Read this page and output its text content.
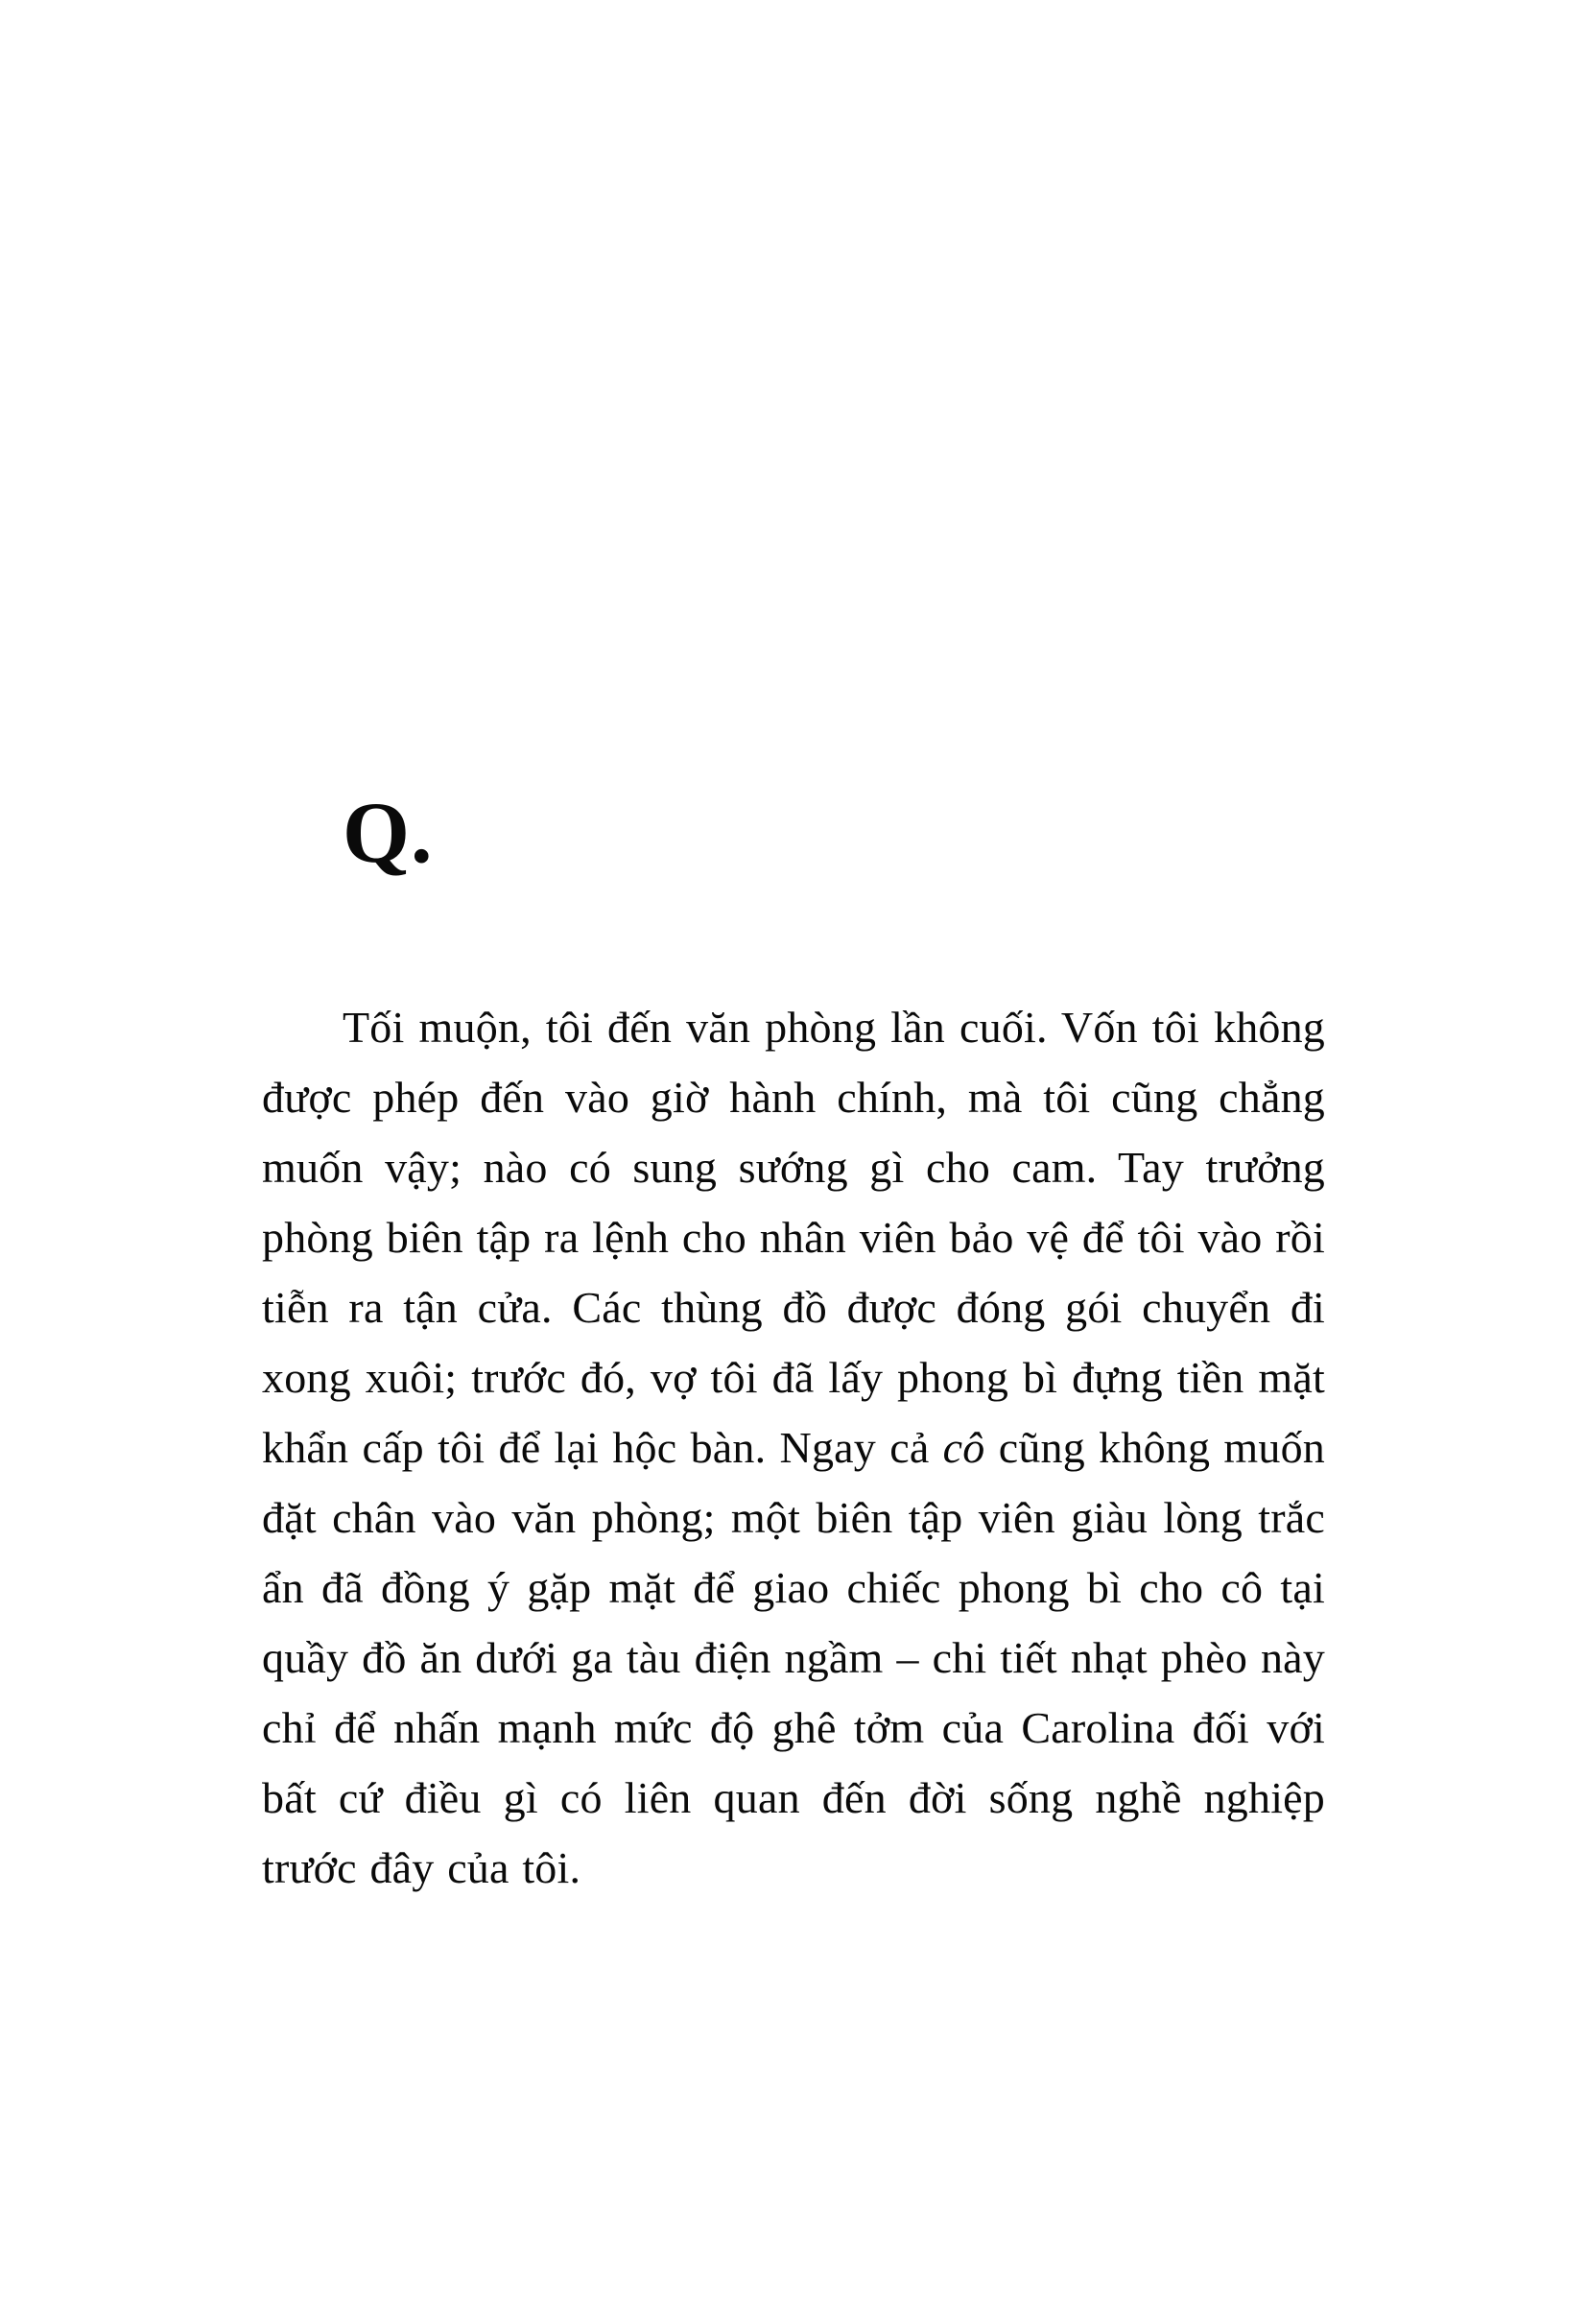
Q.

Tối muộn, tôi đến văn phòng lần cuối. Vốn tôi không được phép đến vào giờ hành chính, mà tôi cũng chẳng muốn vậy; nào có sung sướng gì cho cam. Tay trưởng phòng biên tập ra lệnh cho nhân viên bảo vệ để tôi vào rồi tiễn ra tận cửa. Các thùng đồ được đóng gói chuyển đi xong xuôi; trước đó, vợ tôi đã lấy phong bì đựng tiền mặt khẩn cấp tôi để lại hộc bàn. Ngay cả cô cũng không muốn đặt chân vào văn phòng; một biên tập viên giàu lòng trắc ẩn đã đồng ý gặp mặt để giao chiếc phong bì cho cô tại quầy đồ ăn dưới ga tàu điện ngầm – chi tiết nhạt phèo này chỉ để nhấn mạnh mức độ ghê tởm của Carolina đối với bất cứ điều gì có liên quan đến đời sống nghề nghiệp trước đây của tôi.
